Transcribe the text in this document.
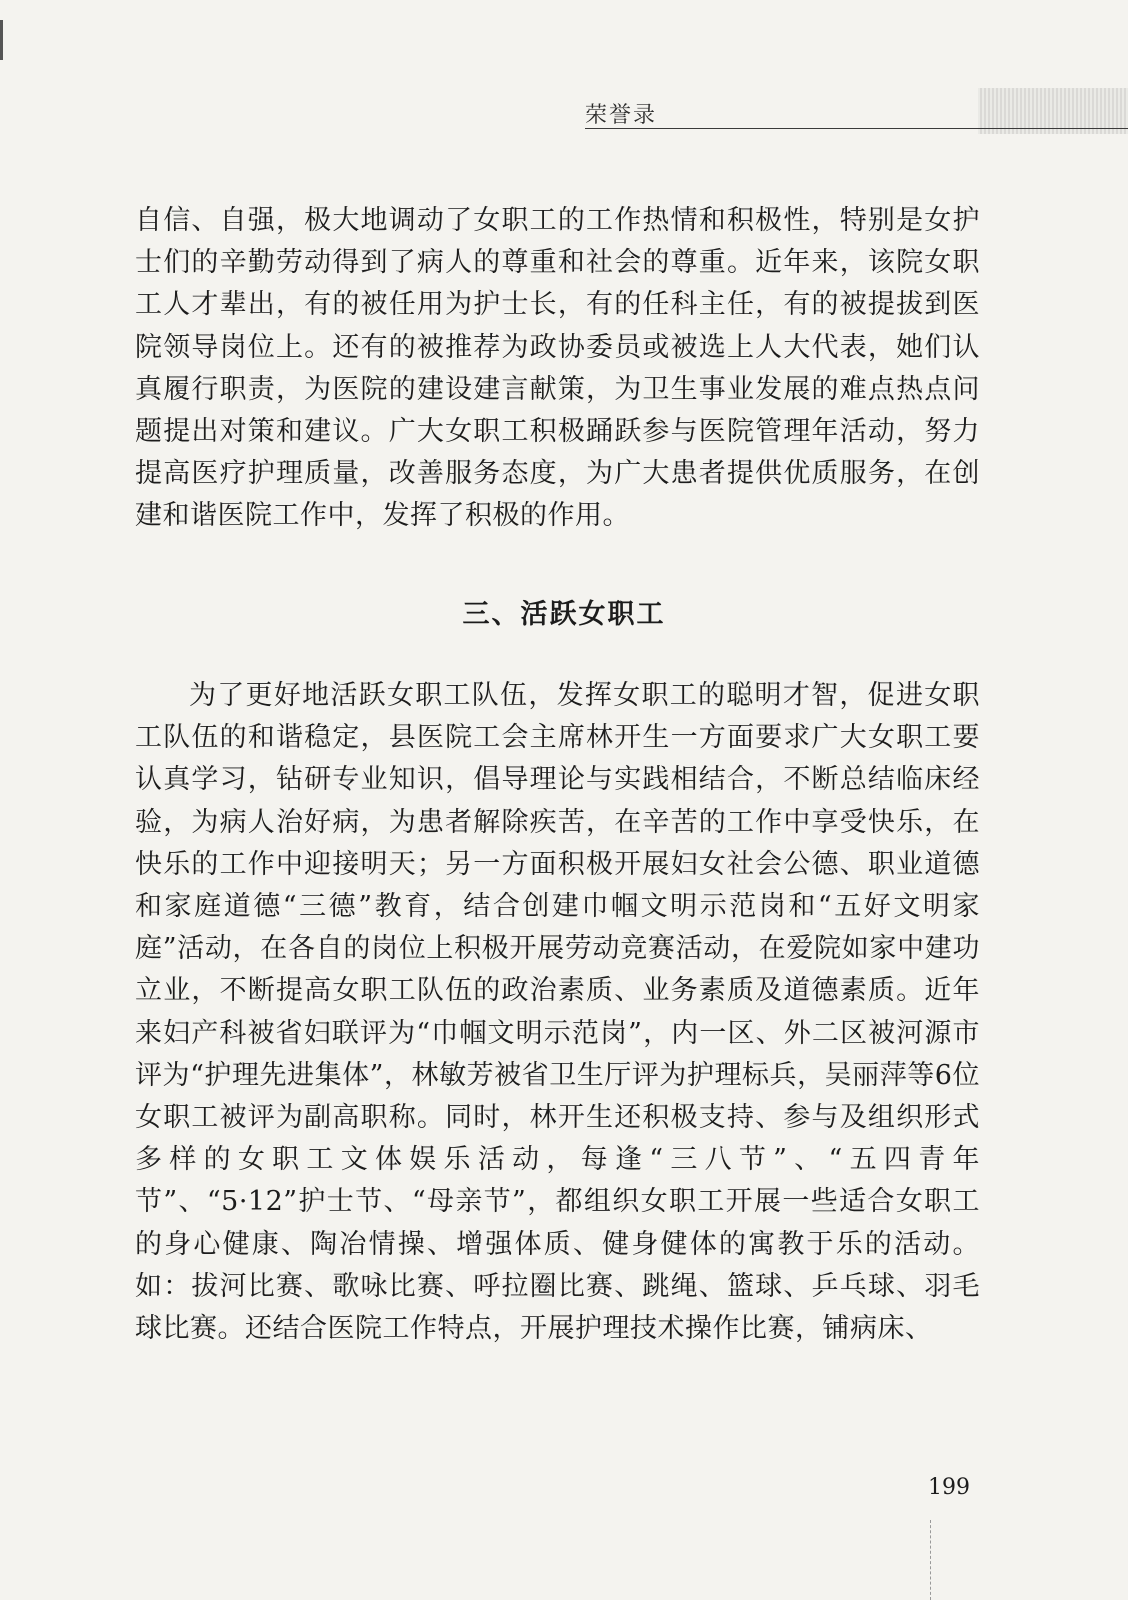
荣誉录

自信、自强，极大地调动了女职工的工作热情和积极性，特别是女护士们的辛勤劳动得到了病人的尊重和社会的尊重。近年来，该院女职工人才辈出，有的被任用为护士长，有的任科主任，有的被提拔到医院领导岗位上。还有的被推荐为政协委员或被选上人大代表，她们认真履行职责，为医院的建设建言献策，为卫生事业发展的难点热点问题提出对策和建议。广大女职工积极踊跃参与医院管理年活动，努力提高医疗护理质量，改善服务态度，为广大患者提供优质服务，在创建和谐医院工作中，发挥了积极的作用。

三、活跃女职工

为了更好地活跃女职工队伍，发挥女职工的聪明才智，促进女职工队伍的和谐稳定，县医院工会主席林开生一方面要求广大女职工要认真学习，钻研专业知识，倡导理论与实践相结合，不断总结临床经验，为病人治好病，为患者解除疾苦，在辛苦的工作中享受快乐，在快乐的工作中迎接明天；另一方面积极开展妇女社会公德、职业道德和家庭道德“三德”教育，结合创建巾帼文明示范岗和“五好文明家庭”活动，在各自的岗位上积极开展劳动竞赛活动，在爱院如家中建功立业，不断提高女职工队伍的政治素质、业务素质及道德素质。近年来妇产科被省妇联评为“巾帼文明示范岗”，内一区、外二区被河源市评为“护理先进集体”，林敏芳被省卫生厅评为护理标兵，吴丽萍等6位女职工被评为副高职称。同时，林开生还积极支持、参与及组织形式多样的女职工文体娱乐活动，每逢“三八节”、“五四青年节”、“5·12”护士节、“母亲节”，都组织女职工开展一些适合女职工的身心健康、陶冶情操、增强体质、健身健体的寓教于乐的活动。如：拔河比赛、歌咏比赛、呼拉圈比赛、跳绳、篮球、乒乓球、羽毛球比赛。还结合医院工作特点，开展护理技术操作比赛，铺病床、

199
